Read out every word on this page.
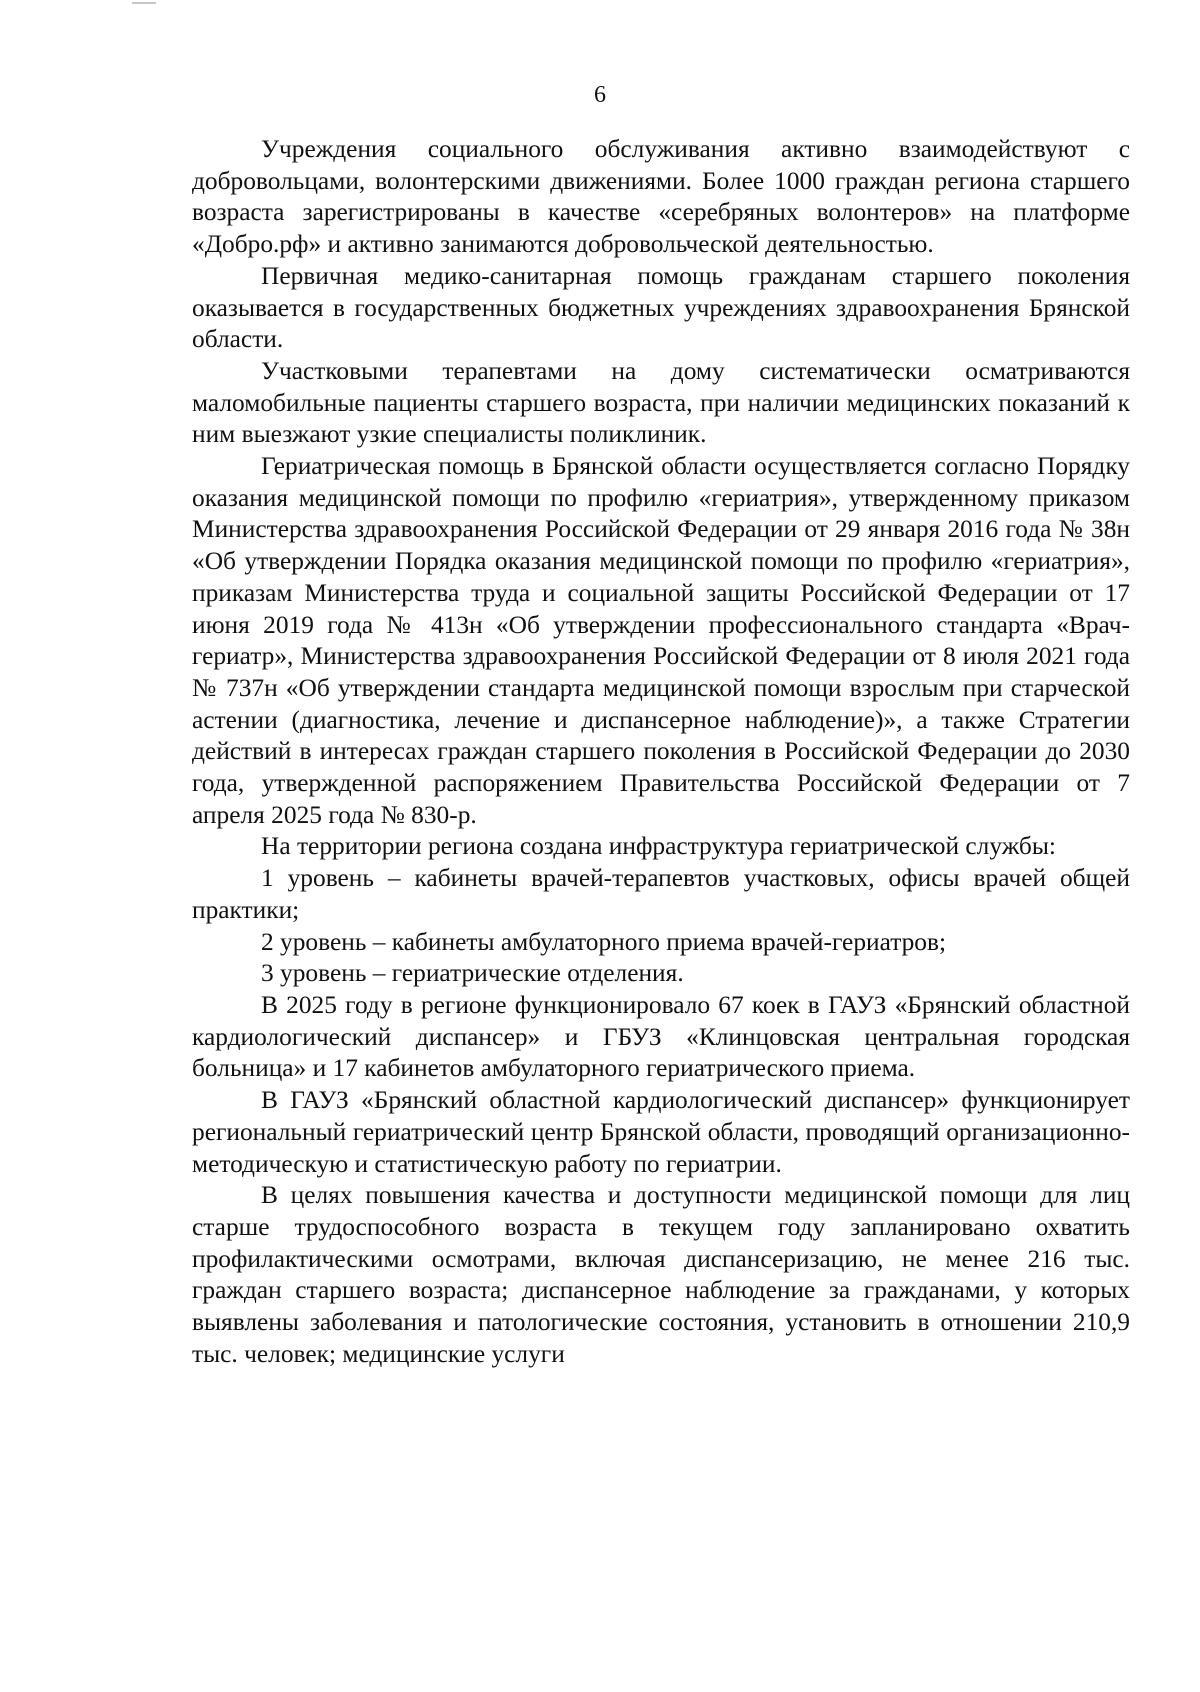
6

Учреждения социального обслуживания активно взаимодействуют с добровольцами, волонтерскими движениями. Более 1000 граждан региона старшего возраста зарегистрированы в качестве «серебряных волонтеров» на платформе «Добро.рф» и активно занимаются добровольческой деятельностью.

Первичная медико-санитарная помощь гражданам старшего поколения оказывается в государственных бюджетных учреждениях здравоохранения Брянской области.

Участковыми терапевтами на дому систематически осматриваются маломобильные пациенты старшего возраста, при наличии медицинских показаний к ним выезжают узкие специалисты поликлиник.

Гериатрическая помощь в Брянской области осуществляется согласно Порядку оказания медицинской помощи по профилю «гериатрия», утвержденному приказом Министерства здравоохранения Российской Федерации от 29 января 2016 года № 38н «Об утверждении Порядка оказания медицинской помощи по профилю «гериатрия», приказам Министерства труда и социальной защиты Российской Федерации от 17 июня 2019 года № 413н «Об утверждении профессионального стандарта «Врач-гериатр», Министерства здравоохранения Российской Федерации от 8 июля 2021 года № 737н «Об утверждении стандарта медицинской помощи взрослым при старческой астении (диагностика, лечение и диспансерное наблюдение)», а также Стратегии действий в интересах граждан старшего поколения в Российской Федерации до 2030 года, утвержденной распоряжением Правительства Российской Федерации от 7 апреля 2025 года № 830-р.

На территории региона создана инфраструктура гериатрической службы:

1 уровень – кабинеты врачей-терапевтов участковых, офисы врачей общей практики;

2 уровень – кабинеты амбулаторного приема врачей-гериатров;

3 уровень – гериатрические отделения.

В 2025 году в регионе функционировало 67 коек в ГАУЗ «Брянский областной кардиологический диспансер» и ГБУЗ «Клинцовская центральная городская больница» и 17 кабинетов амбулаторного гериатрического приема.

В ГАУЗ «Брянский областной кардиологический диспансер» функционирует региональный гериатрический центр Брянской области, проводящий организационно-методическую и статистическую работу по гериатрии.

В целях повышения качества и доступности медицинской помощи для лиц старше трудоспособного возраста в текущем году запланировано охватить профилактическими осмотрами, включая диспансеризацию, не менее 216 тыс. граждан старшего возраста; диспансерное наблюдение за гражданами, у которых выявлены заболевания и патологические состояния, установить в отношении 210,9 тыс. человек; медицинские услуги
